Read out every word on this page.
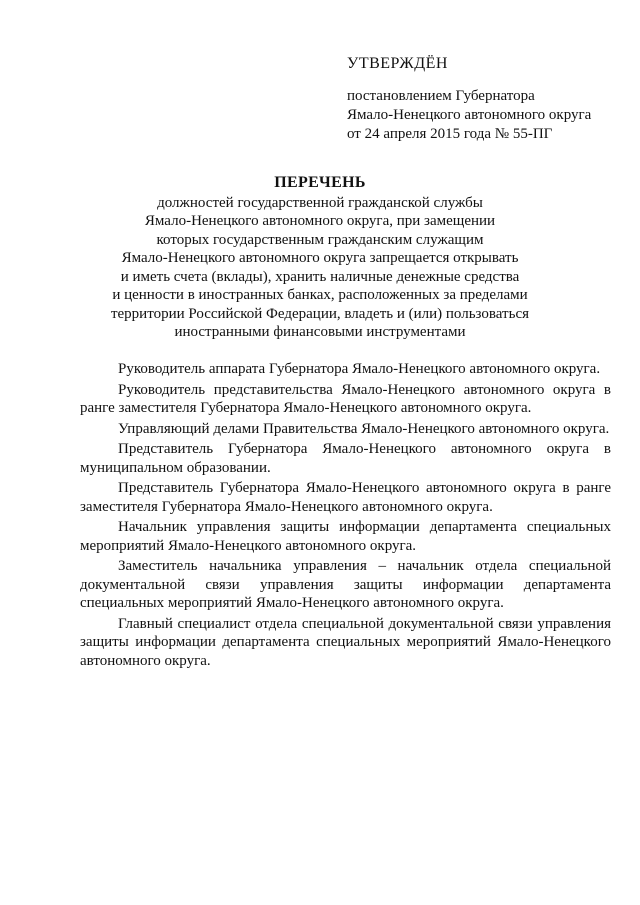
УТВЕРЖДЁН
постановлением Губернатора
Ямало-Ненецкого автономного округа
от 24 апреля 2015 года № 55-ПГ
ПЕРЕЧЕНЬ
должностей государственной гражданской службы
Ямало-Ненецкого автономного округа, при замещении
которых государственным гражданским служащим
Ямало-Ненецкого автономного округа запрещается открывать
и иметь счета (вклады), хранить наличные денежные средства
и ценности в иностранных банках, расположенных за пределами
территории Российской Федерации, владеть и (или) пользоваться
иностранными финансовыми инструментами

Руководитель аппарата Губернатора Ямало-Ненецкого автономного округа.

Руководитель представительства Ямало-Ненецкого автономного округа в ранге заместителя Губернатора Ямало-Ненецкого автономного округа.

Управляющий делами Правительства Ямало-Ненецкого автономного округа.

Представитель Губернатора Ямало-Ненецкого автономного округа в муниципальном образовании.

Представитель Губернатора Ямало-Ненецкого автономного округа в ранге заместителя Губернатора Ямало-Ненецкого автономного округа.

Начальник управления защиты информации департамента специальных мероприятий Ямало-Ненецкого автономного округа.

Заместитель начальника управления – начальник отдела специальной документальной связи управления защиты информации департамента специальных мероприятий Ямало-Ненецкого автономного округа.

Главный специалист отдела специальной документальной связи управления защиты информации департамента специальных мероприятий Ямало-Ненецкого автономного округа.
